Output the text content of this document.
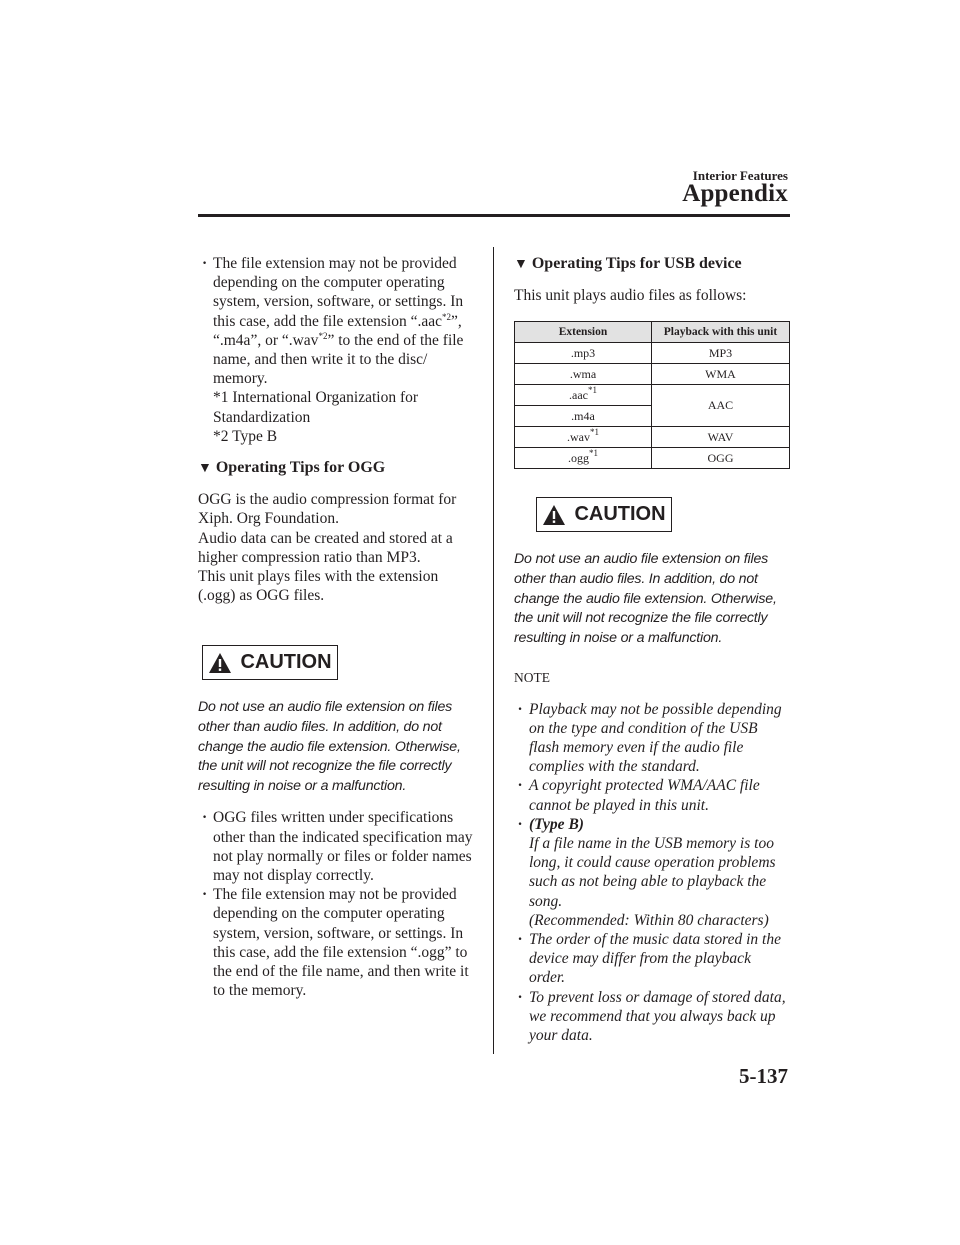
Interior Features
Appendix
· The file extension may not be provided depending on the computer operating system, version, software, or settings. In this case, add the file extension “.aac$^{*2}$”, “.m4a”, or “.wav$^{*2}$” to the end of the file name, and then write it to the disc/ memory.
*1 International Organization for Standardization
*2 Type B
▼ Operating Tips for OGG
OGG is the audio compression format for Xiph. Org Foundation.
Audio data can be created and stored at a higher compression ratio than MP3.
This unit plays files with the extension (.ogg) as OGG files.
CAUTION
Do not use an audio file extension on files other than audio files. In addition, do not change the audio file extension. Otherwise, the unit will not recognize the file correctly resulting in noise or a malfunction.
· OGG files written under specifications other than the indicated specification may not play normally or files or folder names may not display correctly.
· The file extension may not be provided depending on the computer operating system, version, software, or settings. In this case, add the file extension “.ogg” to the end of the file name, and then write it to the memory.
▼ Operating Tips for USB device
This unit plays audio files as follows:
Extension	Playback with this unit
.mp3	MP3
.wma	WMA
.aac$^{*1}$	AAC
.m4a	
.wav$^{*1}$	WAV
.ogg$^{*1}$	OGG
CAUTION
Do not use an audio file extension on files other than audio files. In addition, do not change the audio file extension. Otherwise, the unit will not recognize the file correctly resulting in noise or a malfunction.
NOTE
· Playback may not be possible depending on the type and condition of the USB flash memory even if the audio file complies with the standard.
· A copyright protected WMA/AAC file cannot be played in this unit.
· (Type B)
If a file name in the USB memory is too long, it could cause operation problems such as not being able to playback the song.
(Recommended: Within 80 characters)
· The order of the music data stored in the device may differ from the playback order.
· To prevent loss or damage of stored data, we recommend that you always back up your data.
5-137
